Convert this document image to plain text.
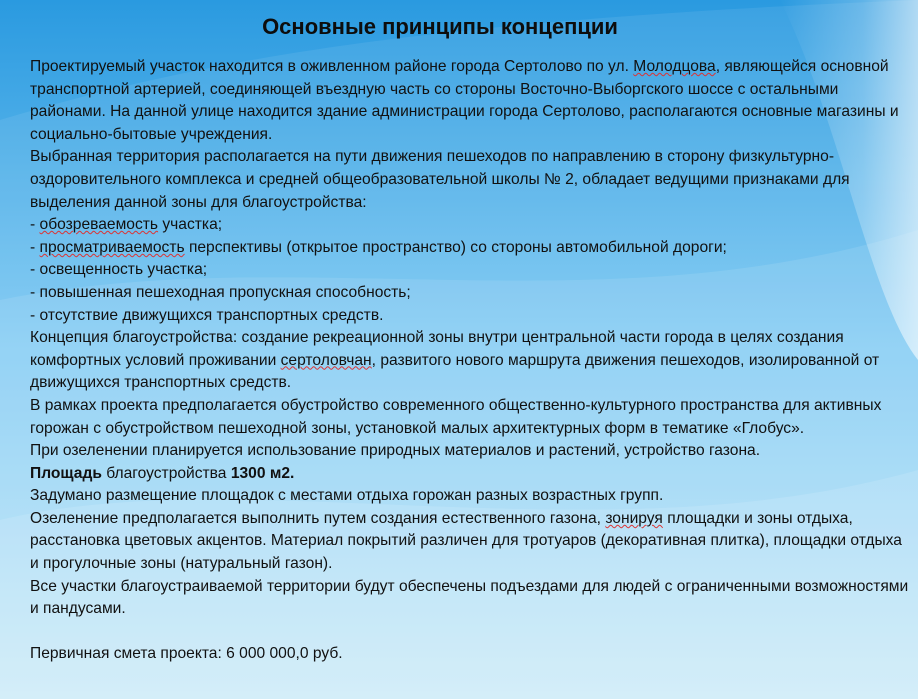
Основные принципы концепции

Проектируемый участок находится в оживленном районе города Сертолово по ул. Молодцова, являющейся основной транспортной артерией, соединяющей въездную часть со стороны Восточно-Выборгского шоссе с остальными районами. На данной улице находится здание администрации города Сертолово, располагаются основные магазины и социально-бытовые учреждения.

Выбранная территория располагается на пути движения пешеходов по направлению в сторону физкультурно-оздоровительного комплекса и средней общеобразовательной школы № 2, обладает ведущими признаками для выделения данной зоны для благоустройства:

- обозреваемость участка;

- просматриваемость перспективы (открытое пространство) со стороны автомобильной дороги;

- освещенность участка;

- повышенная пешеходная пропускная способность;

- отсутствие движущихся транспортных средств.

Концепция благоустройства: создание рекреационной зоны внутри центральной части города в целях создания комфортных условий проживании сертоловчан, развитого нового маршрута движения пешеходов, изолированной от движущихся транспортных средств.

В рамках проекта предполагается обустройство современного общественно-культурного пространства для активных горожан с обустройством пешеходной зоны, установкой малых архитектурных форм в тематике «Глобус».

При озеленении планируется использование природных материалов и растений, устройство газона.

Площадь благоустройства 1300 м2.

Задумано размещение площадок с местами отдыха горожан разных возрастных групп.

Озеленение предполагается выполнить путем создания естественного газона, зонируя площадки и зоны отдыха, расстановка цветовых акцентов. Материал покрытий различен для тротуаров (декоративная плитка), площадки отдыха и прогулочные зоны (натуральный газон).

Все участки благоустраиваемой территории будут обеспечены подъездами для людей с ограниченными возможностями и пандусами.

Первичная смета проекта: 6 000 000,0 руб.
